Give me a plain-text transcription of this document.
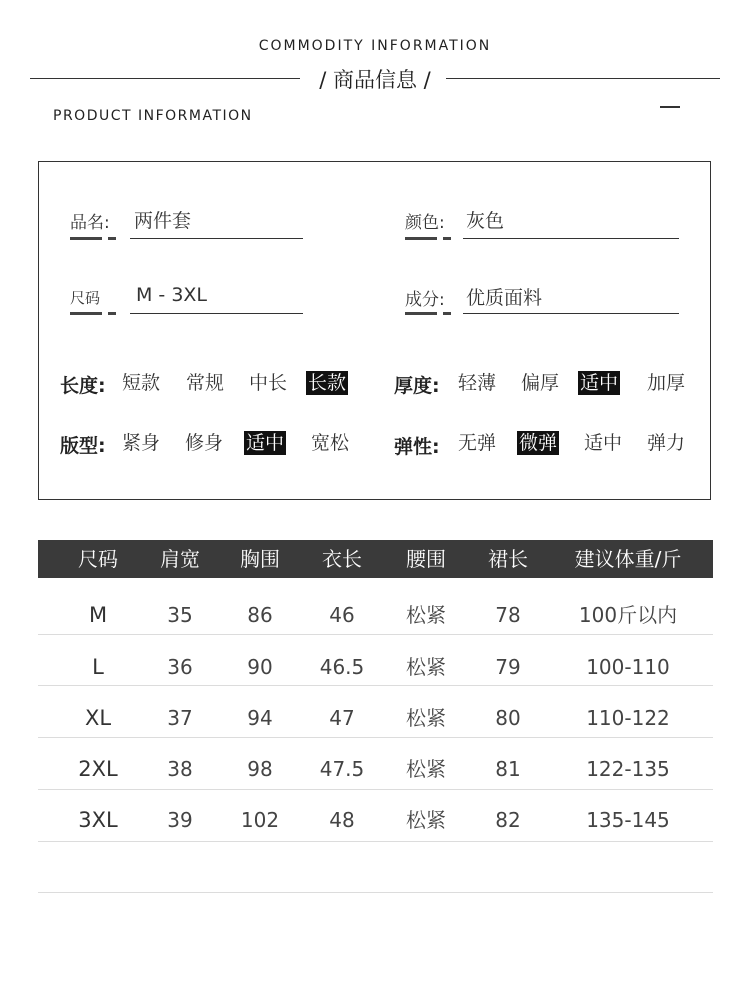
COMMODITY INFORMATION
/ 商品信息 /
PRODUCT INFORMATION
品名: 两件套	颜色: 灰色
尺码 M - 3XL	成分: 优质面料
长度: 短款 常规 中长 长款	厚度: 轻薄 偏厚 适中 加厚
版型: 紧身 修身 适中 宽松 弹性: 无弹 微弹 适中 弹力
尺码	肩宽	胸围	衣长	腰围	裙长	建议体重/斤
M	35	86	46	松紧	78	100斤以内
L	36	90	46.5	松紧	79	100-110
XL	37	94	47	松紧	80	110-122
2XL	38	98	47.5	松紧	81	122-135
3XL	39	102	48	松紧	82	135-145
